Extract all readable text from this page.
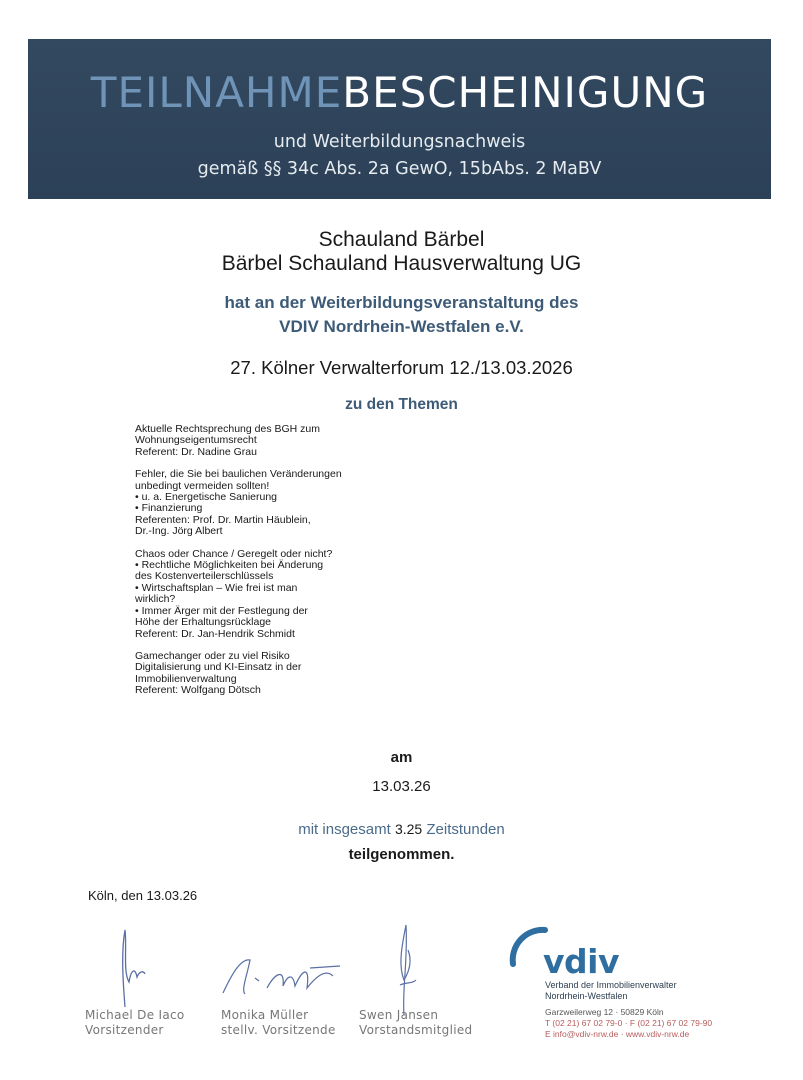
TEILNAHMEBESCHEINIGUNG
und Weiterbildungsnachweis
gemäß §§ 34c Abs. 2a GewO, 15bAbs. 2 MaBV
Schauland Bärbel
Bärbel Schauland Hausverwaltung UG
hat an der Weiterbildungsveranstaltung des
VDIV Nordrhein-Westfalen e.V.
27. Kölner Verwalterforum 12./13.03.2026
zu den Themen
Aktuelle Rechtsprechung des BGH zum
Wohnungseigentumsrecht
Referent: Dr. Nadine Grau
Fehler, die Sie bei baulichen Veränderungen
unbedingt vermeiden sollten!
• u. a. Energetische Sanierung
• Finanzierung
Referenten: Prof. Dr. Martin Häublein,
Dr.-Ing. Jörg Albert
Chaos oder Chance / Geregelt oder nicht?
• Rechtliche Möglichkeiten bei Änderung
des Kostenverteilerschlüssels
• Wirtschaftsplan – Wie frei ist man
wirklich?
• Immer Ärger mit der Festlegung der
Höhe der Erhaltungsrücklage
Referent: Dr. Jan-Hendrik Schmidt
Gamechanger oder zu viel Risiko
Digitalisierung und KI-Einsatz in der
Immobilienverwaltung
Referent: Wolfgang Dötsch
am
13.03.26
mit insgesamt 3.25 Zeitstunden
teilgenommen.
Köln, den 13.03.26
Michael De Iaco
Vorsitzender
Monika Müller
stellv. Vorsitzende
Swen Jansen
Vorstandsmitglied
vdiv
Verband der Immobilienverwalter
Nordrhein-Westfalen
Garzweilerweg 12 · 50829 Köln
T (02 21) 67 02 79-0 · F (02 21) 67 02 79-90
E info@vdiv-nrw.de · www.vdiv-nrw.de
